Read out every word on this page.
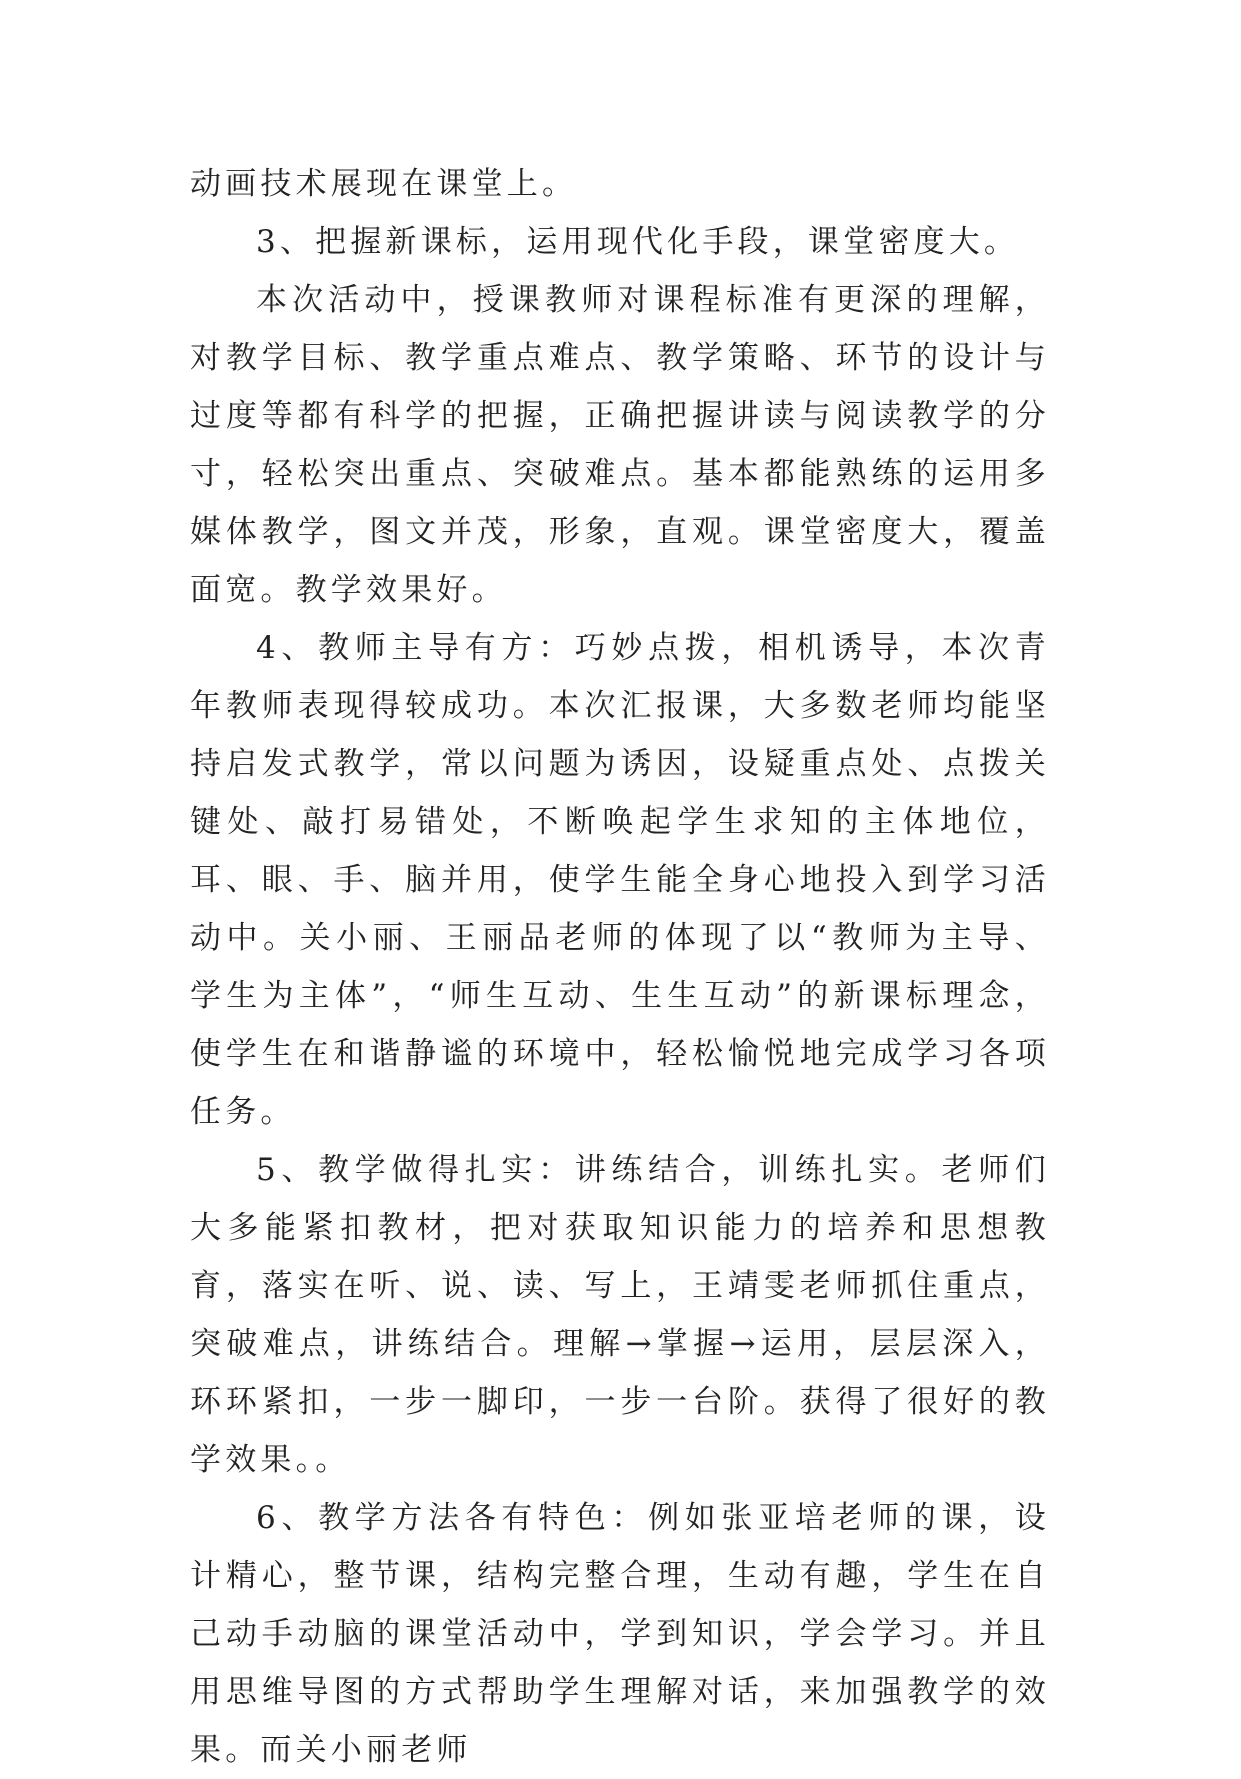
动画技术展现在课堂上。

3、把握新课标，运用现代化手段，课堂密度大。

本次活动中，授课教师对课程标准有更深的理解，对教学目标、教学重点难点、教学策略、环节的设计与过度等都有科学的把握，正确把握讲读与阅读教学的分寸，轻松突出重点、突破难点。基本都能熟练的运用多媒体教学，图文并茂，形象，直观。课堂密度大，覆盖面宽。教学效果好。

4、教师主导有方：巧妙点拨，相机诱导，本次青年教师表现得较成功。本次汇报课，大多数老师均能坚持启发式教学，常以问题为诱因，设疑重点处、点拨关键处、敲打易错处，不断唤起学生求知的主体地位，耳、眼、手、脑并用，使学生能全身心地投入到学习活动中。关小丽、王丽品老师的体现了以“教师为主导、学生为主体”，“师生互动、生生互动”的新课标理念，使学生在和谐静谧的环境中，轻松愉悦地完成学习各项任务。

5、教学做得扎实：讲练结合，训练扎实。老师们大多能紧扣教材，把对获取知识能力的培养和思想教育，落实在听、说、读、写上，王靖雯老师抓住重点，突破难点，讲练结合。理解→掌握→运用，层层深入，环环紧扣，一步一脚印，一步一台阶。获得了很好的教学效果。。

6、教学方法各有特色：例如张亚培老师的课，设计精心，整节课，结构完整合理，生动有趣，学生在自己动手动脑的课堂活动中，学到知识，学会学习。并且用思维导图的方式帮助学生理解对话，来加强教学的效果。而关小丽老师
